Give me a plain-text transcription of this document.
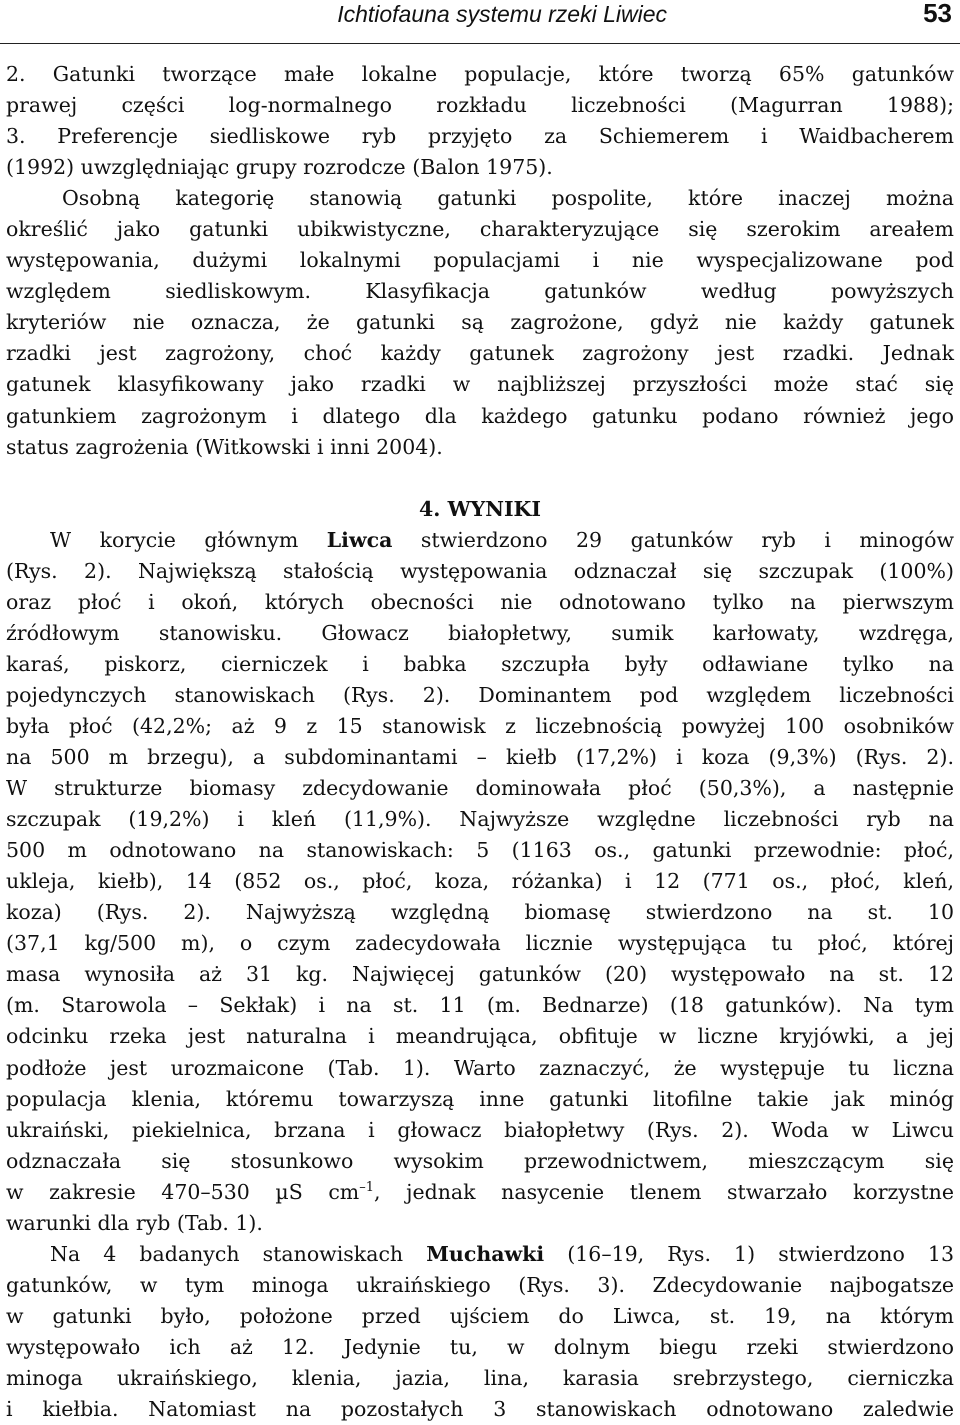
Ichtiofauna systemu rzeki Liwiec	53
2. Gatunki tworzące małe lokalne populacje, które tworzą 65% gatunków
prawej części log-normalnego rozkładu liczebności (Magurran 1988);
3. Preferencje siedliskowe ryb przyjęto za Schiemerem i Waidbacherem
(1992) uwzględniając grupy rozrodcze (Balon 1975).
Osobną kategorię stanowią gatunki pospolite, które inaczej można
określić jako gatunki ubikwistyczne, charakteryzujące się szerokim areałem
występowania, dużymi lokalnymi populacjami i nie wyspecjalizowane pod
względem siedliskowym. Klasyfikacja gatunków według powyższych
kryteriów nie oznacza, że gatunki są zagrożone, gdyż nie każdy gatunek
rzadki jest zagrożony, choć każdy gatunek zagrożony jest rzadki. Jednak
gatunek klasyfikowany jako rzadki w najbliższej przyszłości może stać się
gatunkiem zagrożonym i dlatego dla każdego gatunku podano również jego
status zagrożenia (Witkowski i inni 2004).
4. WYNIKI
W korycie głównym Liwca stwierdzono 29 gatunków ryb i minogów
(Rys. 2). Największą stałością występowania odznaczał się szczupak (100%)
oraz płoć i okoń, których obecności nie odnotowano tylko na pierwszym
źródłowym stanowisku. Głowacz białopłetwy, sumik karłowaty, wzdręga,
karaś, piskorz, cierniczek i babka szczupła były odławiane tylko na
pojedynczych stanowiskach (Rys. 2). Dominantem pod względem liczebności
była płoć (42,2%; aż 9 z 15 stanowisk z liczebnością powyżej 100 osobników
na 500 m brzegu), a subdominantami – kiełb (17,2%) i koza (9,3%) (Rys. 2).
W strukturze biomasy zdecydowanie dominowała płoć (50,3%), a następnie
szczupak (19,2%) i kleń (11,9%). Najwyższe względne liczebności ryb na
500 m odnotowano na stanowiskach: 5 (1163 os., gatunki przewodnie: płoć,
ukleja, kiełb), 14 (852 os., płoć, koza, różanka) i 12 (771 os., płoć, kleń,
koza) (Rys. 2). Najwyższą względną biomasę stwierdzono na st. 10
(37,1 kg/500 m), o czym zadecydowała licznie występująca tu płoć, której
masa wynosiła aż 31 kg. Najwięcej gatunków (20) występowało na st. 12
(m. Starowola – Sekłak) i na st. 11 (m. Bednarze) (18 gatunków). Na tym
odcinku rzeka jest naturalna i meandrująca, obfituje w liczne kryjówki, a jej
podłoże jest urozmaicone (Tab. 1). Warto zaznaczyć, że występuje tu liczna
populacja klenia, któremu towarzyszą inne gatunki litofilne takie jak minóg
ukraiński, piekielnica, brzana i głowacz białopłetwy (Rys. 2). Woda w Liwcu
odznaczała się stosunkowo wysokim przewodnictwem, mieszczącym się
w zakresie 470–530 µS $cm^{-1}$, jednak nasycenie tlenem stwarzało korzystne
warunki dla ryb (Tab. 1).
Na 4 badanych stanowiskach Muchawki (16–19, Rys. 1) stwierdzono 13
gatunków, w tym minoga ukraińskiego (Rys. 3). Zdecydowanie najbogatsze
w gatunki było, położone przed ujściem do Liwca, st. 19, na którym
występowało ich aż 12. Jedynie tu, w dolnym biegu rzeki stwierdzono
minoga ukraińskiego, klenia, jazia, lina, karasia srebrzystego, cierniczka
i kiełbia. Natomiast na pozostałych 3 stanowiskach odnotowano zaledwie
